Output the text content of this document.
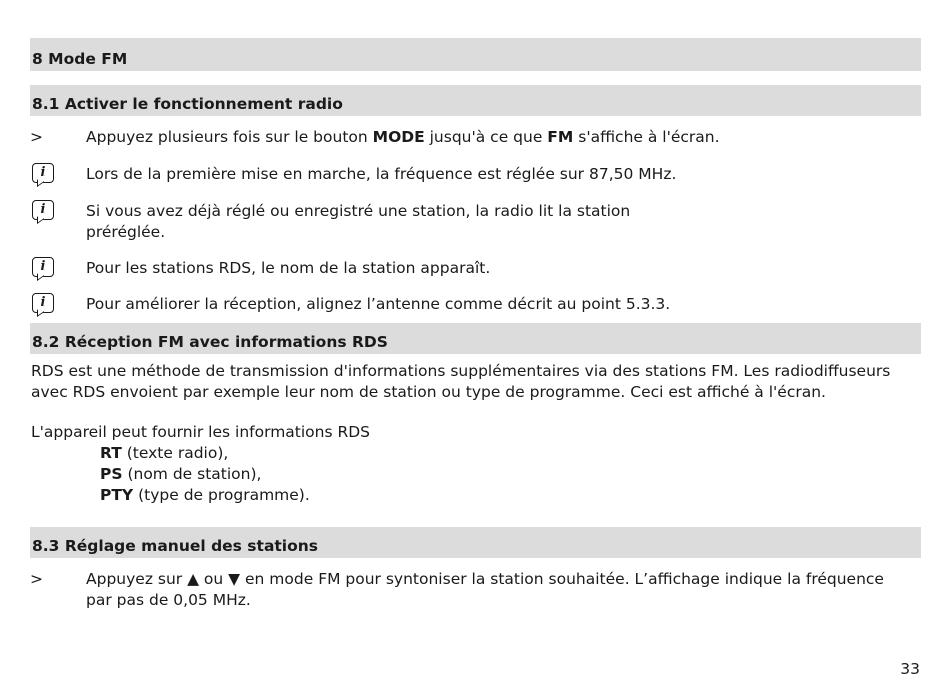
8 Mode FM
8.1 Activer le fonctionnement radio
>	Appuyez plusieurs fois sur le bouton MODE jusqu'à ce que FM s'affiche à l'écran.
i	Lors de la première mise en marche, la fréquence est réglée sur 87,50 MHz.
i	Si vous avez déjà réglé ou enregistré une station, la radio lit la station
préréglée.
i	Pour les stations RDS, le nom de la station apparaît.
i	Pour améliorer la réception, alignez l’antenne comme décrit au point 5.3.3.
8.2 Réception FM avec informations RDS
RDS est une méthode de transmission d'informations supplémentaires via des stations FM. Les radiodiffuseurs
avec RDS envoient par exemple leur nom de station ou type de programme. Ceci est affiché à l'écran.
L'appareil peut fournir les informations RDS
RT (texte radio),
PS (nom de station),
PTY (type de programme).
8.3 Réglage manuel des stations
>	Appuyez sur ▲ ou ▼ en mode FM pour syntoniser la station souhaitée. L’affichage indique la fréquence
par pas de 0,05 MHz.
33
